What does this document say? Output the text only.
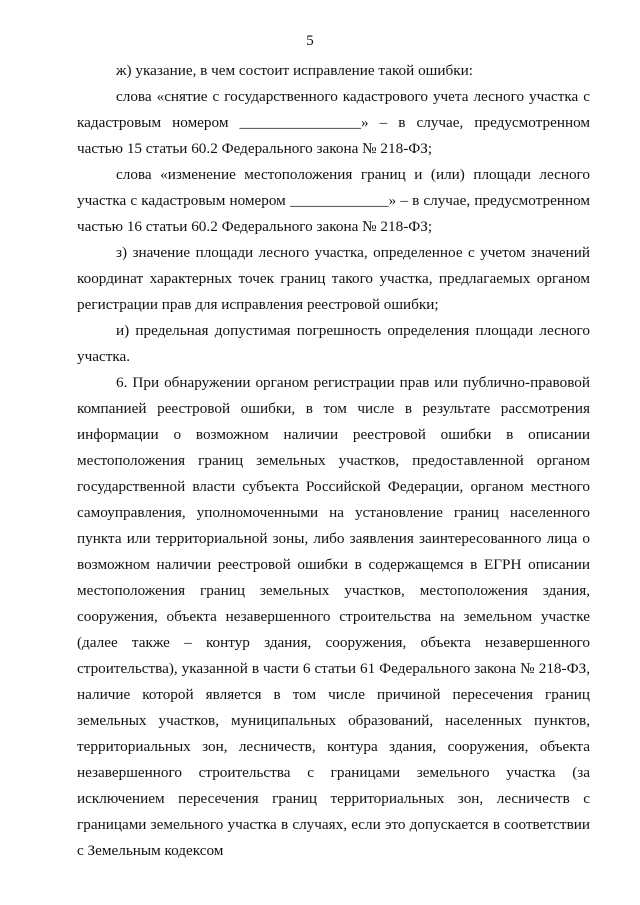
5

ж) указание, в чем состоит исправление такой ошибки:

слова «снятие с государственного кадастрового учета лесного участка с кадастровым номером ________________» – в случае, предусмотренном частью 15 статьи 60.2 Федерального закона № 218-ФЗ;

слова «изменение местоположения границ и (или) площади лесного участка с кадастровым номером _____________» – в случае, предусмотренном частью 16 статьи 60.2 Федерального закона № 218-ФЗ;

з) значение площади лесного участка, определенное с учетом значений координат характерных точек границ такого участка, предлагаемых органом регистрации прав для исправления реестровой ошибки;

и) предельная допустимая погрешность определения площади лесного участка.

6. При обнаружении органом регистрации прав или публично-правовой компанией реестровой ошибки, в том числе в результате рассмотрения информации о возможном наличии реестровой ошибки в описании местоположения границ земельных участков, предоставленной органом государственной власти субъекта Российской Федерации, органом местного самоуправления, уполномоченными на установление границ населенного пункта или территориальной зоны, либо заявления заинтересованного лица о возможном наличии реестровой ошибки в содержащемся в ЕГРН описании местоположения границ земельных участков, местоположения здания, сооружения, объекта незавершенного строительства на земельном участке (далее также – контур здания, сооружения, объекта незавершенного строительства), указанной в части 6 статьи 61 Федерального закона № 218-ФЗ, наличие которой является в том числе причиной пересечения границ земельных участков, муниципальных образований, населенных пунктов, территориальных зон, лесничеств, контура здания, сооружения, объекта незавершенного строительства с границами земельного участка (за исключением пересечения границ территориальных зон, лесничеств с границами земельного участка в случаях, если это допускается в соответствии с Земельным кодексом
